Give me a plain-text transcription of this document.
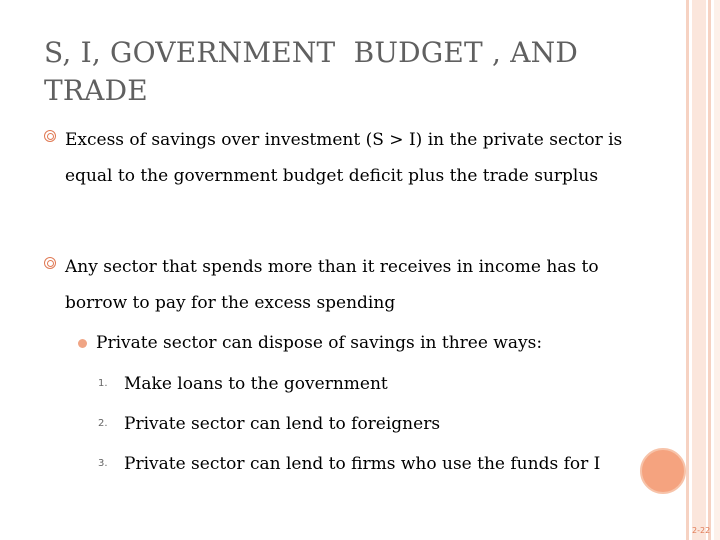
S, I, GOVERNMENT  BUDGET , AND TRADE
Excess of savings over investment (S > I) in the private sector is equal to the government budget deficit plus the trade surplus
Any sector that spends more than it receives in income has to borrow to pay for the excess spending
Private sector can dispose of savings in three ways:
1. Make loans to the government
2. Private sector can lend to foreigners
3. Private sector can lend to firms who use the funds for I
2-22
